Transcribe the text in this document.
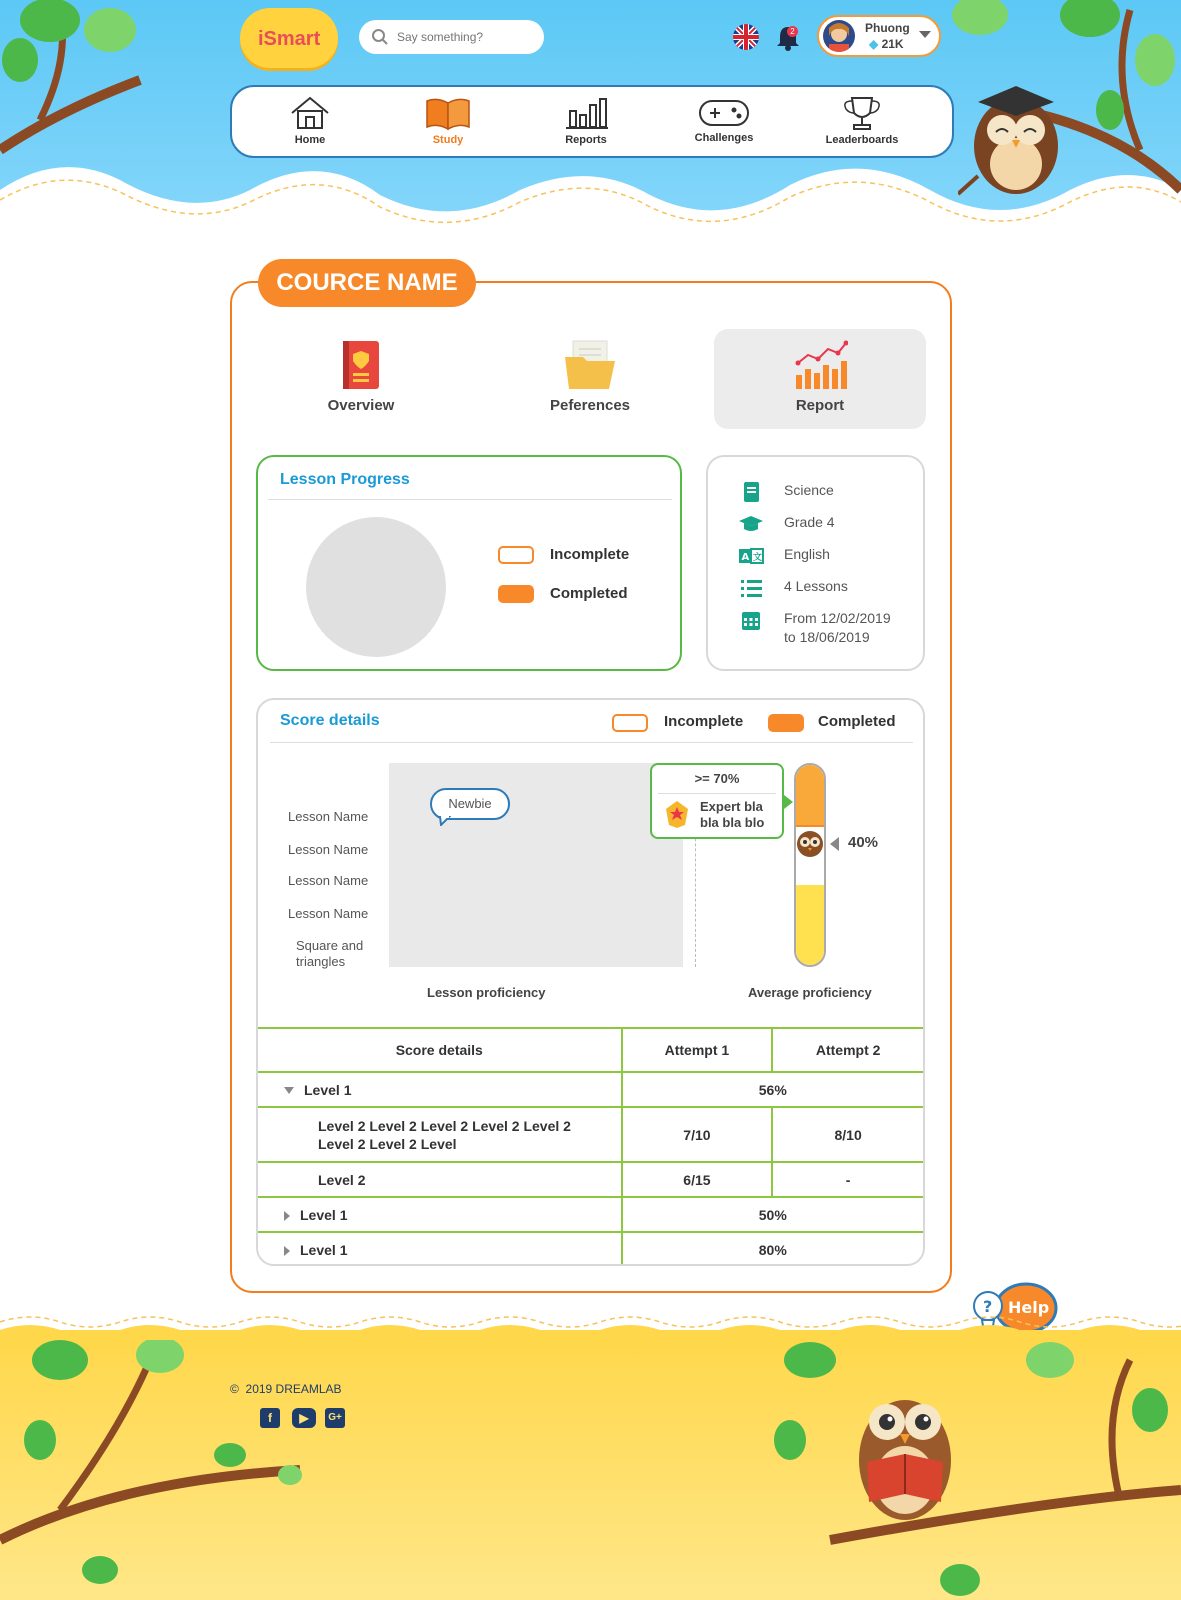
iSmart
Say something?	2	Phuong
◆ 21K
Home	Study	Reports	Challenges	Leaderboards
COURCE NAME
Overview	Peferences	Report
Lesson Progress
Incomplete
Completed
Science
Grade 4
A 文 English
4 Lessons
From 12/02/2019
to 18/06/2019
Score details	Incomplete	Completed
Lesson Name
Lesson Name
Lesson Name
Lesson Name
Square and triangles
Newbie
>= 70%
Expert bla bla bla blo
40%
Lesson proficiency	Average proficiency
Score details	Attempt 1	Attempt 2
Level 1	56%	
Level 2 Level 2 Level 2 Level 2 Level 2 Level 2 Level 2 Level	7/10	8/10
Level 2	6/15	-
Level 1	50%	
Level 1	80%	
? Help
© 2019 DREAMLAB
f	▶	G+
